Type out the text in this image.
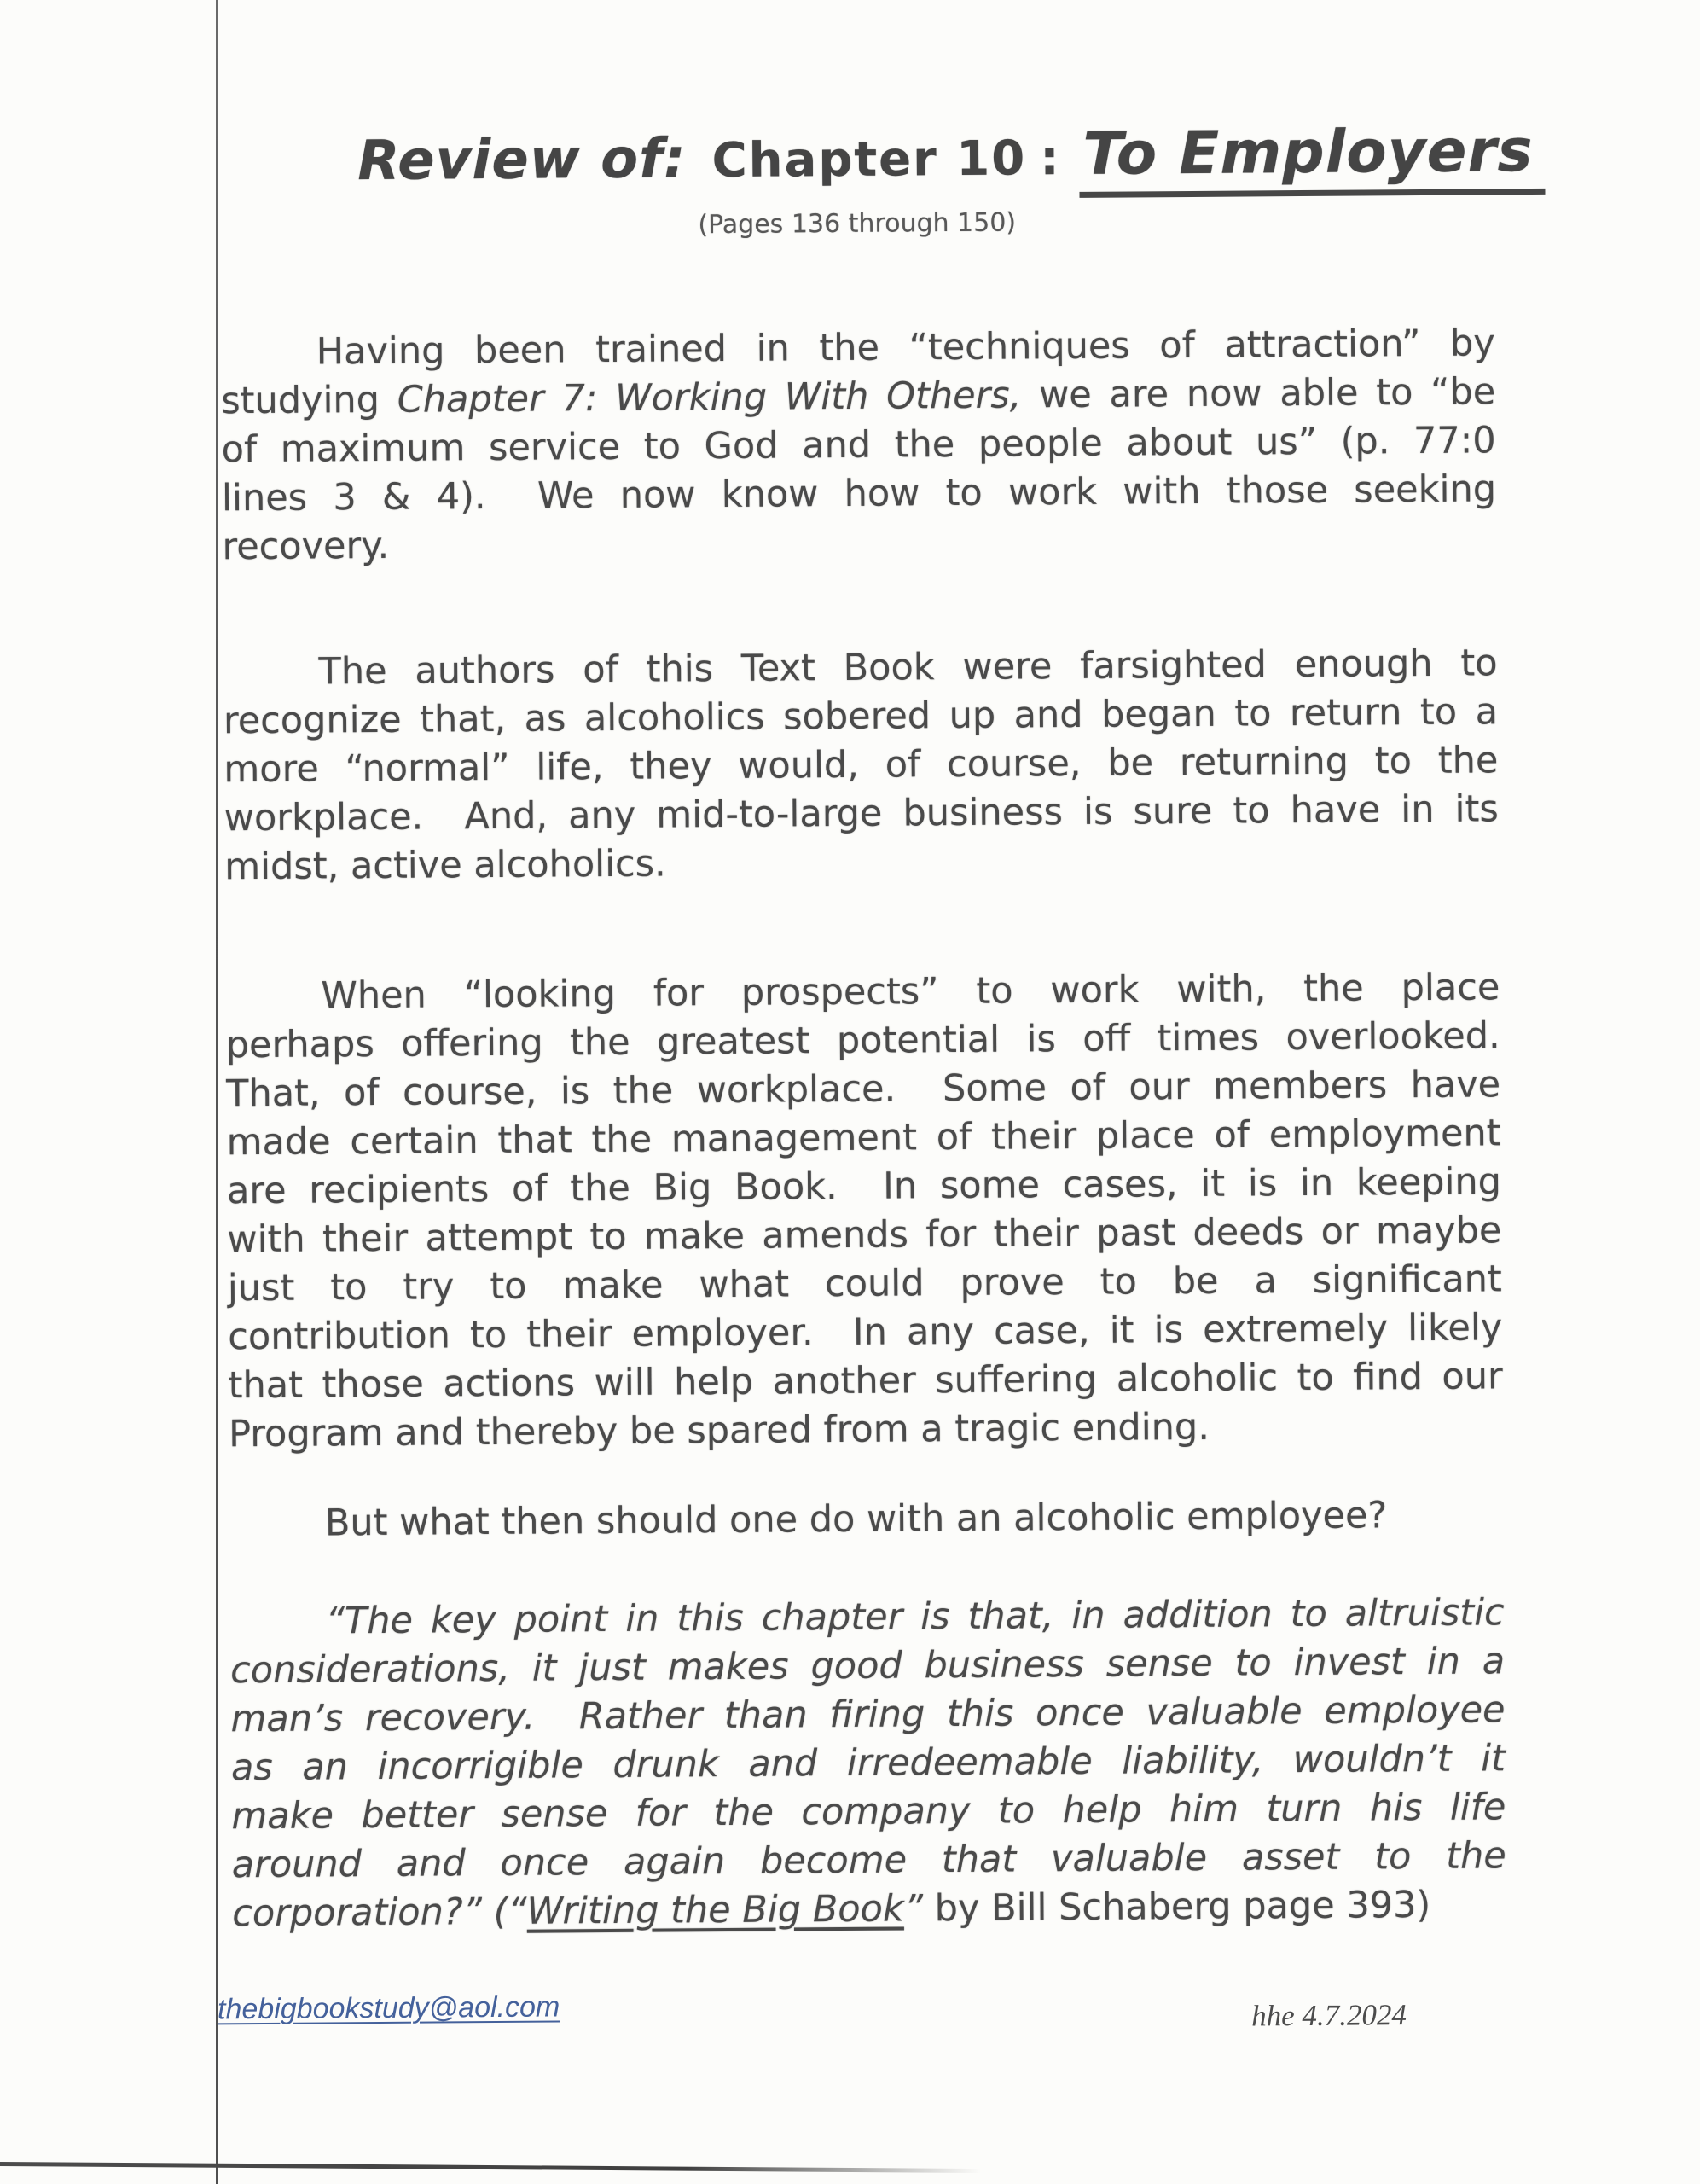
Review of: Chapter 10 : To Employers
(Pages 136 through 150)
Having been trained in the “techniques of attraction” by
studying Chapter 7: Working With Others, we are now able to “be
of maximum service to God and the people about us” (p. 77:0
lines 3 & 4).  We now know how to work with those seeking
recovery.
The authors of this Text Book were farsighted enough to
recognize that, as alcoholics sobered up and began to return to a
more “normal” life, they would, of course, be returning to the
workplace.  And, any mid-to-large business is sure to have in its
midst, active alcoholics.
When “looking for prospects” to work with, the place
perhaps offering the greatest potential is off times overlooked.
That, of course, is the workplace.  Some of our members have
made certain that the management of their place of employment
are recipients of the Big Book.  In some cases, it is in keeping
with their attempt to make amends for their past deeds or maybe
just to try to make what could prove to be a significant
contribution to their employer.  In any case, it is extremely likely
that those actions will help another suffering alcoholic to find our
Program and thereby be spared from a tragic ending.
But what then should one do with an alcoholic employee?
“The key point in this chapter is that, in addition to altruistic
considerations, it just makes good business sense to invest in a
man’s recovery.  Rather than firing this once valuable employee
as an incorrigible drunk and irredeemable liability, wouldn’t it
make better sense for the company to help him turn his life
around and once again become that valuable asset to the
corporation?” (“Writing the Big Book” by Bill Schaberg page 393)
thebigbookstudy@aol.com	hhe 4.7.2024
